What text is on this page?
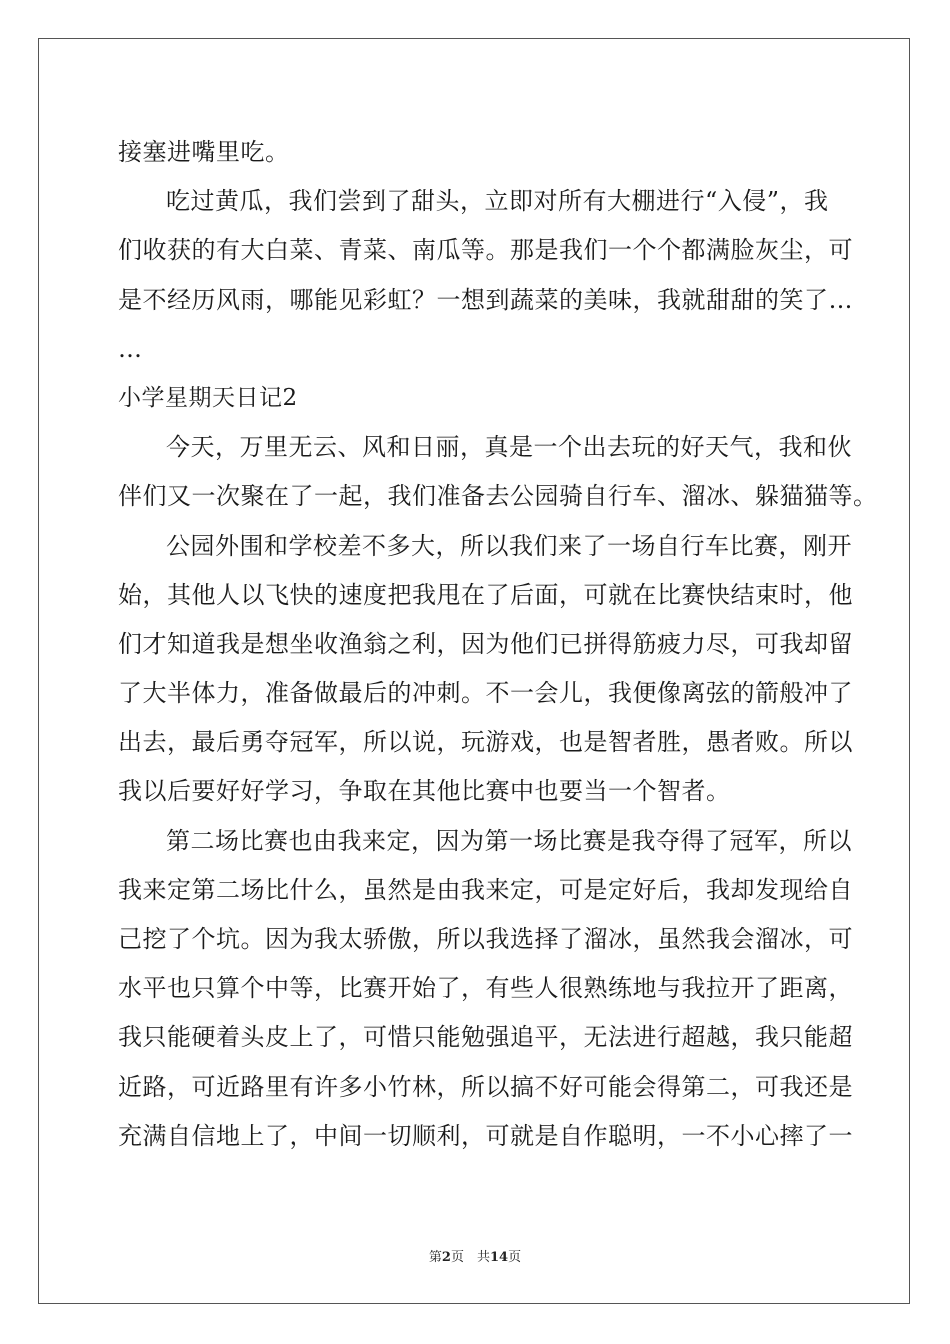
接塞进嘴里吃。
吃过黄瓜，我们尝到了甜头，立即对所有大棚进行“入侵”，我
们收获的有大白菜、青菜、南瓜等。那是我们一个个都满脸灰尘，可
是不经历风雨，哪能见彩虹？一想到蔬菜的美味，我就甜甜的笑了…
…
小学星期天日记2
今天，万里无云、风和日丽，真是一个出去玩的好天气，我和伙
伴们又一次聚在了一起，我们准备去公园骑自行车、溜冰、躲猫猫等。
公园外围和学校差不多大，所以我们来了一场自行车比赛，刚开
始，其他人以飞快的速度把我甩在了后面，可就在比赛快结束时，他
们才知道我是想坐收渔翁之利，因为他们已拼得筋疲力尽，可我却留
了大半体力，准备做最后的冲刺。不一会儿，我便像离弦的箭般冲了
出去，最后勇夺冠军，所以说，玩游戏，也是智者胜，愚者败。所以
我以后要好好学习，争取在其他比赛中也要当一个智者。
第二场比赛也由我来定，因为第一场比赛是我夺得了冠军，所以
我来定第二场比什么，虽然是由我来定，可是定好后，我却发现给自
己挖了个坑。因为我太骄傲，所以我选择了溜冰，虽然我会溜冰，可
水平也只算个中等，比赛开始了，有些人很熟练地与我拉开了距离，
我只能硬着头皮上了，可惜只能勉强追平，无法进行超越，我只能超
近路，可近路里有许多小竹林，所以搞不好可能会得第二，可我还是
充满自信地上了，中间一切顺利，可就是自作聪明，一不小心摔了一
第2页　共14页
